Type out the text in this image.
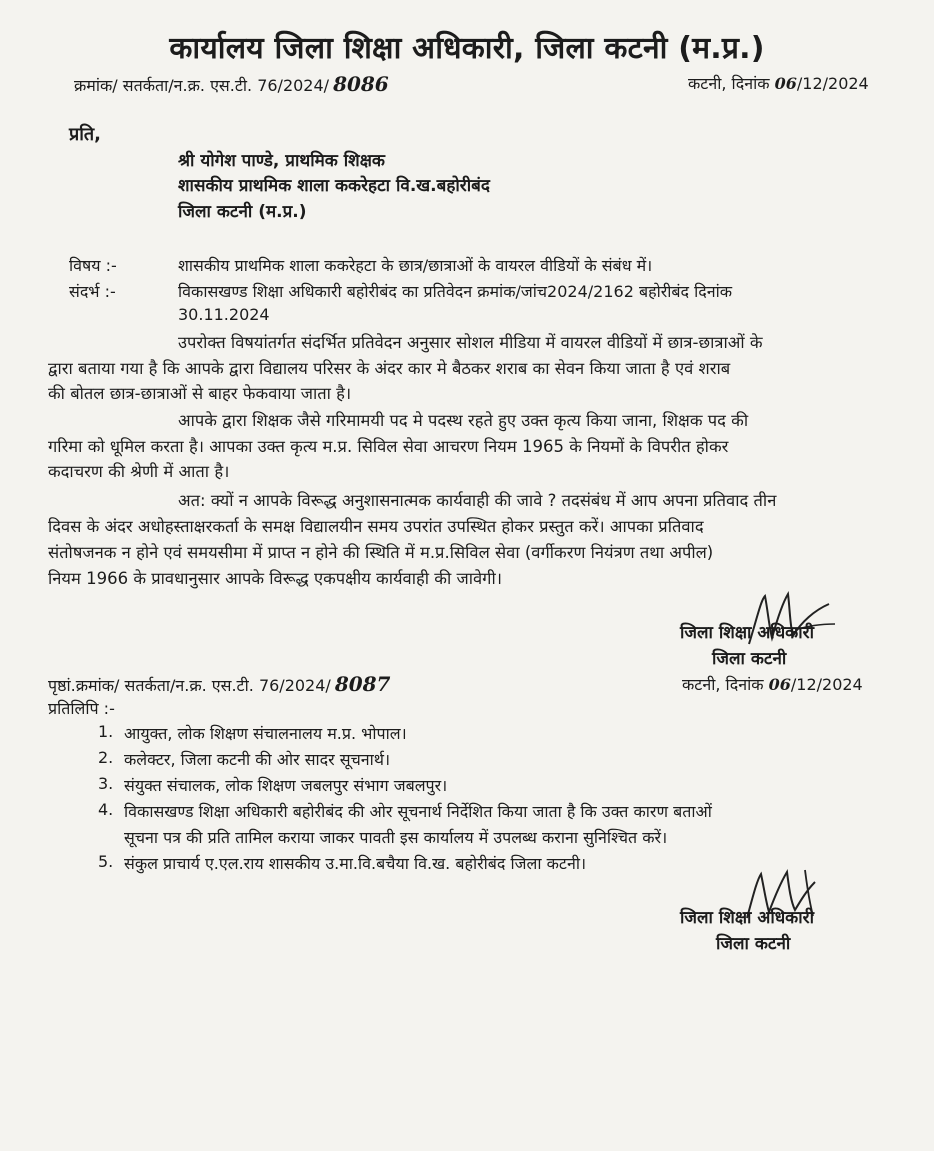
कार्यालय जिला शिक्षा अधिकारी, जिला कटनी (म.प्र.)
क्रमांक/ सतर्कता/न.क्र. एस.टी. 76/2024/ 8086	कटनी, दिनांक 06/12/2024
प्रति,
श्री योगेश पाण्डे, प्राथमिक शिक्षक
शासकीय प्राथमिक शाला ककरेहटा वि.ख.बहोरीबंद
जिला कटनी (म.प्र.)
विषय :-	शासकीय प्राथमिक शाला ककरेहटा के छात्र/छात्राओं के वायरल वीडियों के संबंध में।
संदर्भ :-	विकासखण्ड शिक्षा अधिकारी बहोरीबंद का प्रतिवेदन क्रमांक/जांच2024/2162 बहोरीबंद दिनांक
30.11.2024
उपरोक्त विषयांतर्गत संदर्भित प्रतिवेदन अनुसार सोशल मीडिया में वायरल वीडियों में छात्र-छात्राओं के
द्वारा बताया गया है कि आपके द्वारा विद्यालय परिसर के अंदर कार मे बैठकर शराब का सेवन किया जाता है एवं शराब
की बोतल छात्र-छात्राओं से बाहर फेकवाया जाता है।
आपके द्वारा शिक्षक जैसे गरिमामयी पद मे पदस्थ रहते हुए उक्त कृत्य किया जाना, शिक्षक पद की
गरिमा को धूमिल करता है। आपका उक्त कृत्य म.प्र. सिविल सेवा आचरण नियम 1965 के नियमों के विपरीत होकर
कदाचरण की श्रेणी में आता है।
अत: क्यों न आपके विरूद्ध अनुशासनात्मक कार्यवाही की जावे ? तदसंबंध में आप अपना प्रतिवाद तीन
दिवस के अंदर अधोहस्ताक्षरकर्ता के समक्ष विद्यालयीन समय उपरांत उपस्थित होकर प्रस्तुत करें। आपका प्रतिवाद
संतोषजनक न होने एवं समयसीमा में प्राप्त न होने की स्थिति में म.प्र.सिविल सेवा (वर्गीकरण नियंत्रण तथा अपील)
नियम 1966 के प्रावधानुसार आपके विरूद्ध एकपक्षीय कार्यवाही की जावेगी।
जिला शिक्षा अधिकारी
जिला कटनी
पृष्ठां.क्रमांक/ सतर्कता/न.क्र. एस.टी. 76/2024/ 8087	कटनी, दिनांक 06/12/2024
प्रतिलिपि :-
1. आयुक्त, लोक शिक्षण संचालनालय म.प्र. भोपाल।
2. कलेक्टर, जिला कटनी की ओर सादर सूचनार्थ।
3. संयुक्त संचालक, लोक शिक्षण जबलपुर संभाग जबलपुर।
4. विकासखण्ड शिक्षा अधिकारी बहोरीबंद की ओर सूचनार्थ निर्देशित किया जाता है कि उक्त कारण बताओं
सूचना पत्र की प्रति तामिल कराया जाकर पावती इस कार्यालय में उपलब्ध कराना सुनिश्चित करें।
5. संकुल प्राचार्य ए.एल.राय शासकीय उ.मा.वि.बचैया वि.ख. बहोरीबंद जिला कटनी।
जिला शिक्षा अधिकारी
जिला कटनी
